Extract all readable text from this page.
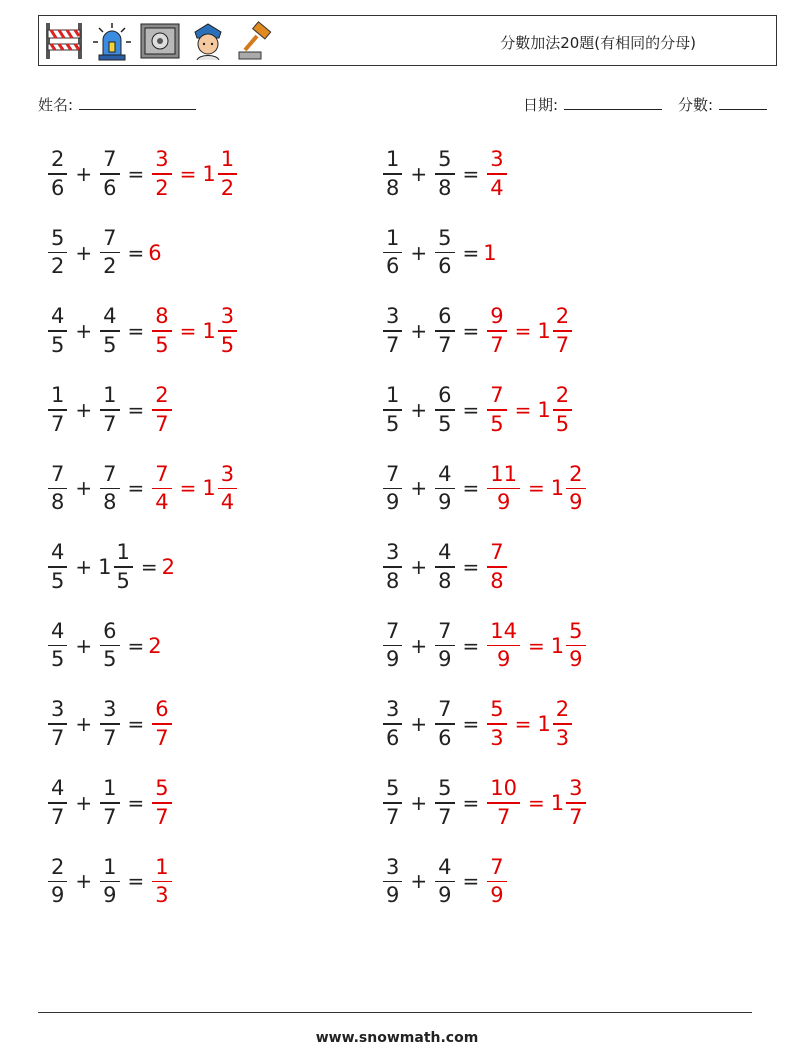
分數加法20題(有相同的分母)
姓名:	日期:	分數:
$\frac{2}{6} + \frac{7}{6} = \frac{3}{2} = 1 \frac{1}{2}$	$\frac{1}{8} + \frac{5}{8} = \frac{3}{4}$
$\frac{5}{2} + \frac{7}{2} = 6$	$\frac{1}{6} + \frac{5}{6} = 1$
$\frac{4}{5} + \frac{4}{5} = \frac{8}{5} = 1 \frac{3}{5}$	$\frac{3}{7} + \frac{6}{7} = \frac{9}{7} = 1 \frac{2}{7}$
$\frac{1}{7} + \frac{1}{7} = \frac{2}{7}$	$\frac{1}{5} + \frac{6}{5} = \frac{7}{5} = 1 \frac{2}{5}$
$\frac{7}{8} + \frac{7}{8} = \frac{7}{4} = 1 \frac{3}{4}$	$\frac{7}{9} + \frac{4}{9} = \frac{11}{9} = 1 \frac{2}{9}$
$\frac{4}{5} + 1 \frac{1}{5} = 2$	$\frac{3}{8} + \frac{4}{8} = \frac{7}{8}$
$\frac{4}{5} + \frac{6}{5} = 2$	$\frac{7}{9} + \frac{7}{9} = \frac{14}{9} = 1 \frac{5}{9}$
$\frac{3}{7} + \frac{3}{7} = \frac{6}{7}$	$\frac{3}{6} + \frac{7}{6} = \frac{5}{3} = 1 \frac{2}{3}$
$\frac{4}{7} + \frac{1}{7} = \frac{5}{7}$	$\frac{5}{7} + \frac{5}{7} = \frac{10}{7} = 1 \frac{3}{7}$
$\frac{2}{9} + \frac{1}{9} = \frac{1}{3}$	$\frac{3}{9} + \frac{4}{9} = \frac{7}{9}$
www.snowmath.com
